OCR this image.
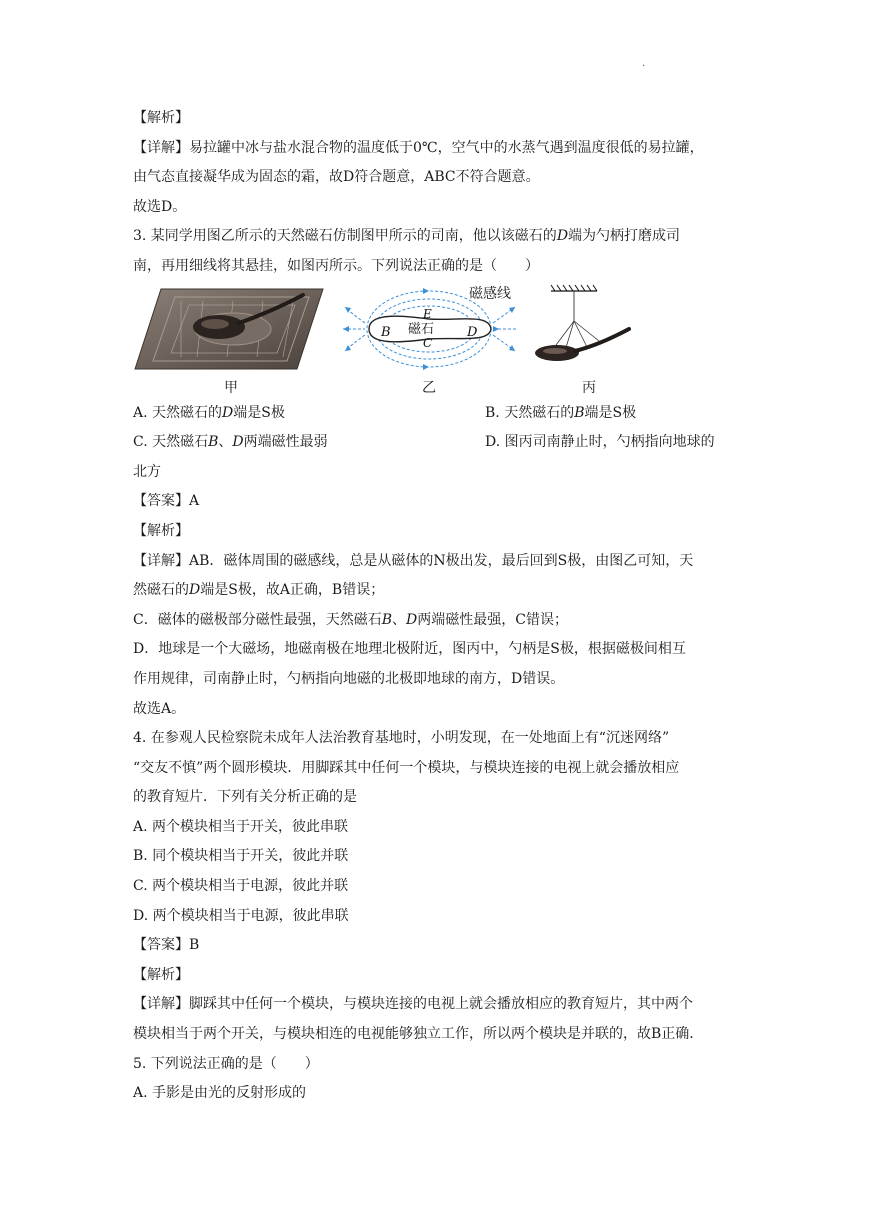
.
【解析】
【详解】易拉罐中冰与盐水混合物的温度低于0℃，空气中的水蒸气遇到温度很低的易拉罐，
由气态直接凝华成为固态的霜，故D符合题意，ABC不符合题意。
故选D。
3. 某同学用图乙所示的天然磁石仿制图甲所示的司南，他以该磁石的D端为勺柄打磨成司
南，再用细线将其悬挂，如图丙所示。下列说法正确的是（　　）
甲
B
E
磁石	D
C
磁感线
乙	丙
A. 天然磁石的D端是S极	B. 天然磁石的B端是S极
C. 天然磁石B、D两端磁性最弱	D. 图丙司南静止时，勺柄指向地球的
北方
【答案】A
【解析】
【详解】AB．磁体周围的磁感线，总是从磁体的N极出发，最后回到S极，由图乙可知，天
然磁石的D端是S极，故A正确，B错误；
C．磁体的磁极部分磁性最强，天然磁石B、D两端磁性最强，C错误；
D．地球是一个大磁场，地磁南极在地理北极附近，图丙中，勺柄是S极，根据磁极间相互
作用规律，司南静止时，勺柄指向地磁的北极即地球的南方，D错误。
故选A。
4. 在参观人民检察院未成年人法治教育基地时，小明发现，在一处地面上有“沉迷网络”
“交友不慎”两个圆形模块．用脚踩其中任何一个模块，与模块连接的电视上就会播放相应
的教育短片．下列有关分析正确的是
A. 两个模块相当于开关，彼此串联
B. 同个模块相当于开关，彼此并联
C. 两个模块相当于电源，彼此并联
D. 两个模块相当于电源，彼此串联
【答案】B
【解析】
【详解】脚踩其中任何一个模块，与模块连接的电视上就会播放相应的教育短片，其中两个
模块相当于两个开关，与模块相连的电视能够独立工作，所以两个模块是并联的，故B正确.
5. 下列说法正确的是（　　）
A. 手影是由光的反射形成的
